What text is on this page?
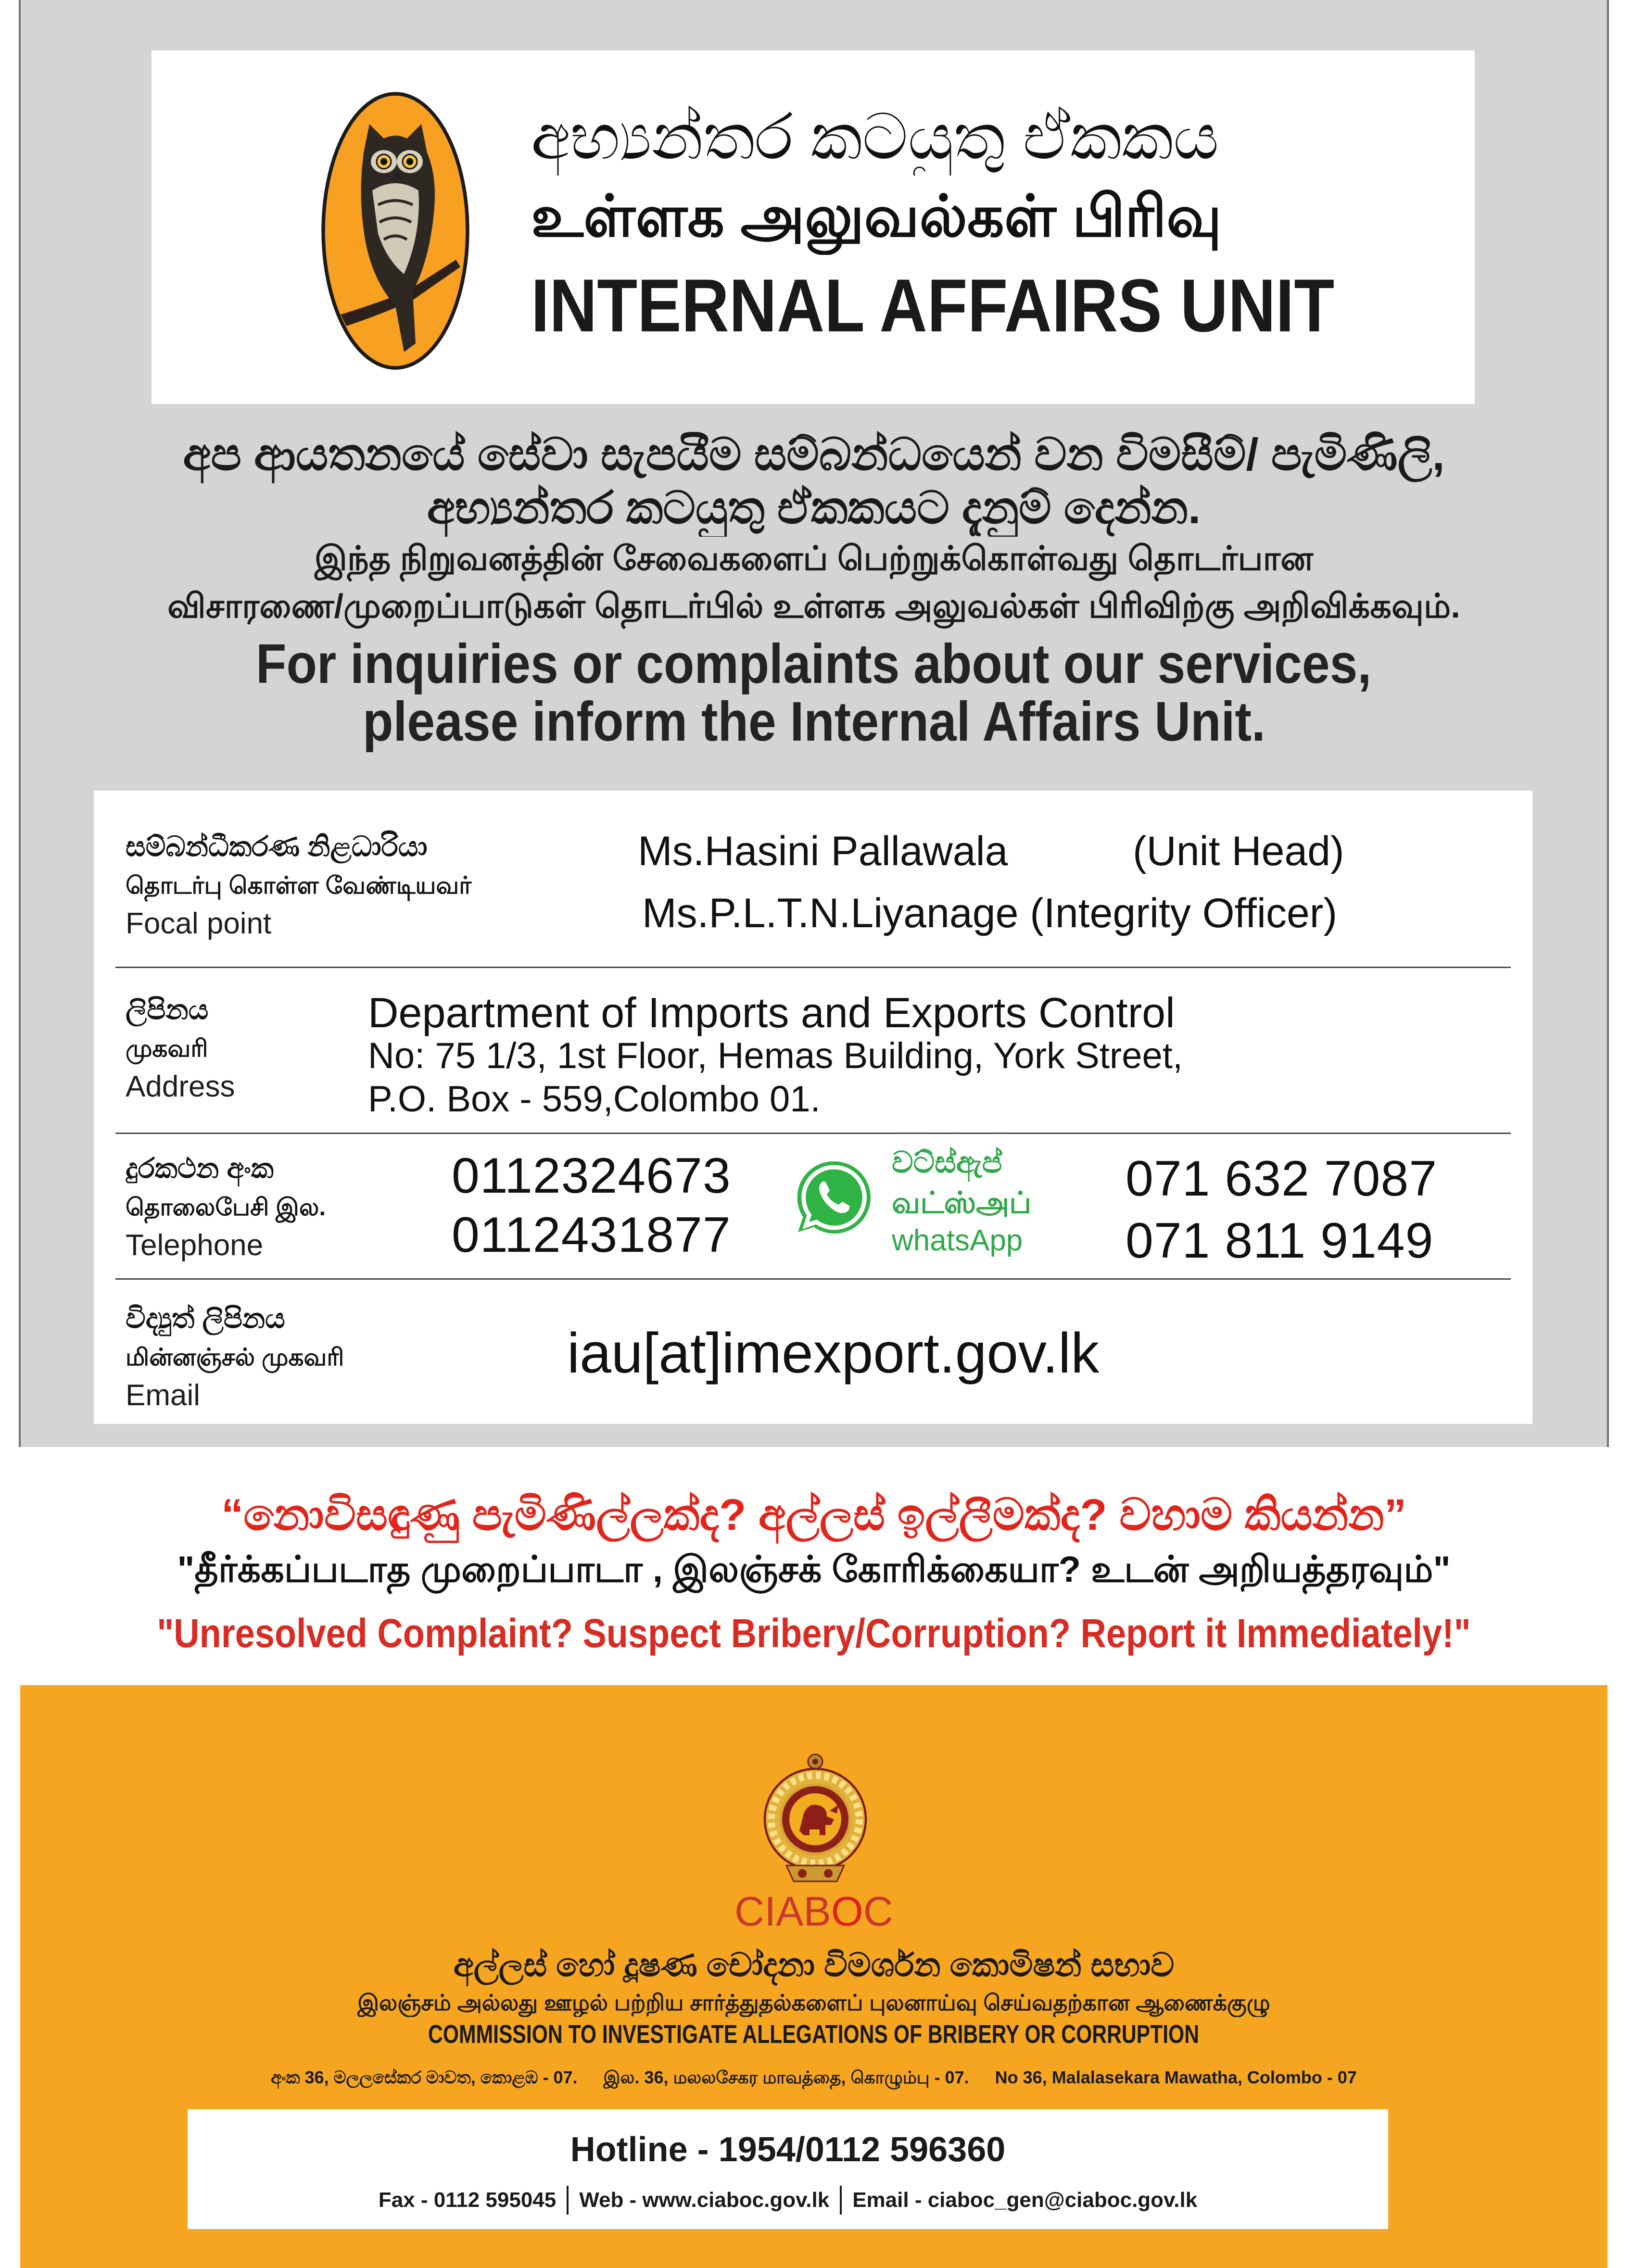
අභ්‍යන්තර කටයුතු ඒකකය
உள்ளக அலுவல்கள் பிரிவு
INTERNAL AFFAIRS UNIT
අප ආයතනයේ සේවා සැපයීම සම්බන්ධයෙන් වන විමසීම්/ පැමිණිලි,
අභ්‍යන්තර කටයුතු ඒකකයට දැනුම් දෙන්න.
இந்த நிறுவனத்தின் சேவைகளைப் பெற்றுக்கொள்வது தொடர்பான
விசாரணை/முறைப்பாடுகள் தொடர்பில் உள்ளக அலுவல்கள் பிரிவிற்கு அறிவிக்கவும்.
For inquiries or complaints about our services,
please inform the Internal Affairs Unit.
සම්බන්ධීකරණ නිළධාරියා
தொடர்பு கொள்ள வேண்டியவர்
Focal point
Ms.Hasini Pallawala	(Unit Head)
Ms.P.L.T.N.Liyanage (Integrity Officer)
ලිපිනය
முகவரி
Address
Department of Imports and Exports Control
No: 75 1/3, 1st Floor, Hemas Building, York Street,
P.O. Box - 559,Colombo 01.
දුරකථන අංක
தொலைபேசி இல.
Telephone
0112324673
0112431877
වට්ස්ඇප්
வட்ஸ்அப்
whatsApp
071 632 7087
071 811 9149
විද්‍යුත් ලිපිනය
மின்னஞ்சல் முகவரி
Email
iau[at]imexport.gov.lk
“නොවිසඳුණු පැමිණිල්ලක්ද? අල්ලස් ඉල්ලීමක්ද? වහාම කියන්න”
"தீர்க்கப்படாத முறைப்பாடா , இலஞ்சக் கோரிக்கையா? உடன் அறியத்தரவும்"
"Unresolved Complaint? Suspect Bribery/Corruption? Report it Immediately!"
CIABOC
අල්ලස් හෝ දූෂණ චෝදනා විමර්ශන කොමිෂන් සභාව
இலஞ்சம் அல்லது ஊழல் பற்றிய சார்த்துதல்களைப் புலனாய்வு செய்வதற்கான ஆணைக்குழு
COMMISSION TO INVESTIGATE ALLEGATIONS OF BRIBERY OR CORRUPTION
අංක 36, මලලසේකර මාවත, කොළඹ - 07. இல. 36, மலலசேகர மாவத்தை, கொழும்பு - 07. No 36, Malalasekara Mawatha, Colombo - 07
Hotline - 1954/0112 596360
Fax - 0112 595045 Web - www.ciaboc.gov.lk Email - ciaboc_gen@ciaboc.gov.lk
